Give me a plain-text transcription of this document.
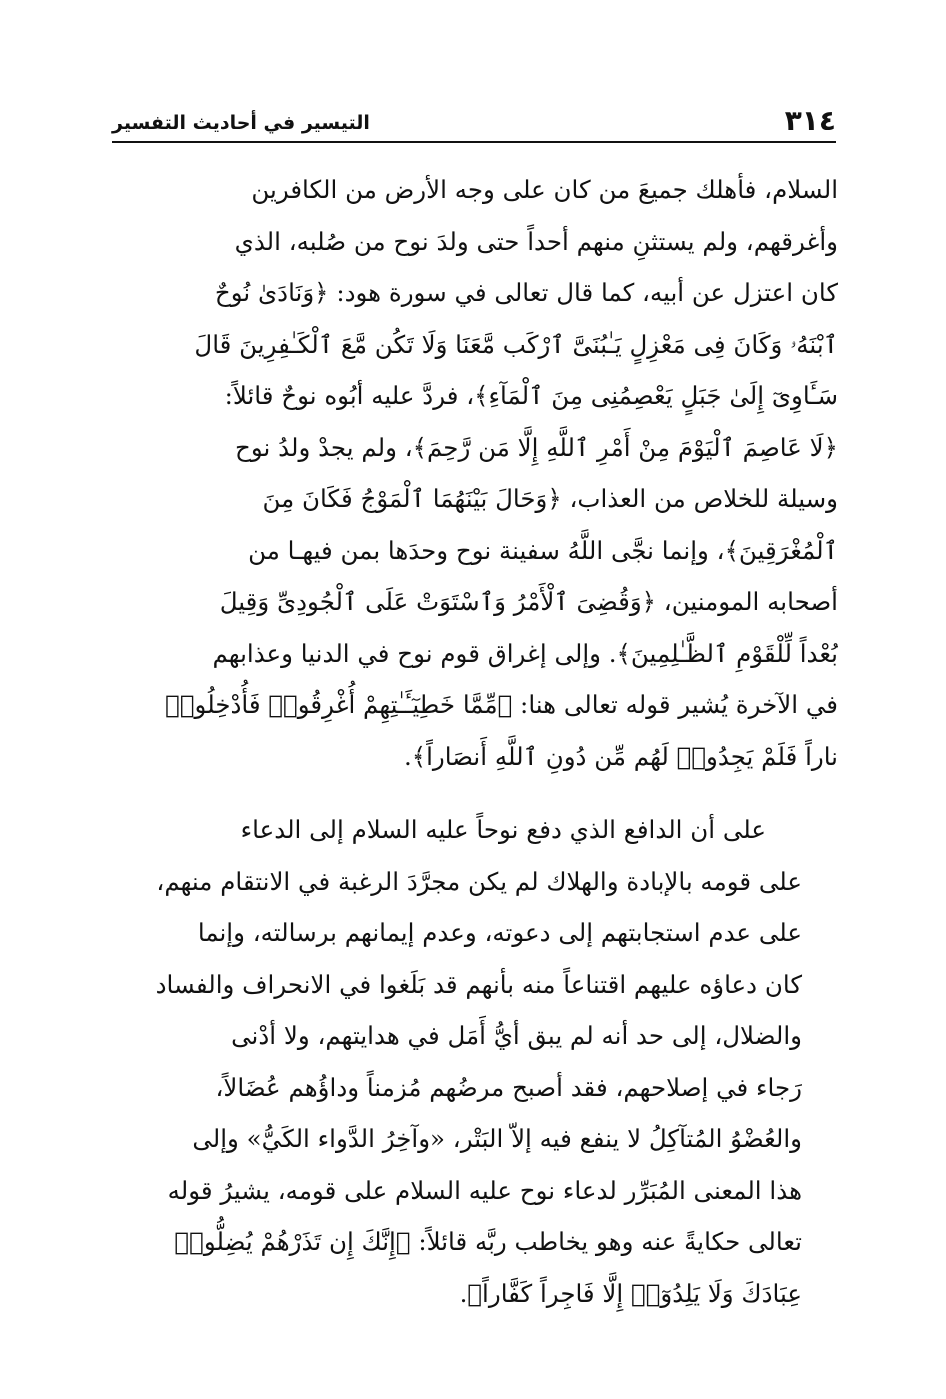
٣١٤
التيسير في أحاديث التفسير
السلام، فأهلك جميعَ من كان على وجه الأرض من الكافرين
وأغرقهم، ولم يستثنِ منهم أحداً حتى ولدَ نوح من صُلبه، الذي
كان اعتزل عن أبيه، كما قال تعالى في سورة هود: ﴿وَنَادَىٰ نُوحٌ
ٱبْنَهُۥ وَكَانَ فِى مَعْزِلٍ يَـٰبُنَىَّ ٱرْكَب مَّعَنَا وَلَا تَكُن مَّعَ ٱلْكَـٰفِرِينَ قَالَ
سَـَٔاوِىٓ إِلَىٰ جَبَلٍ يَعْصِمُنِى مِنَ ٱلْمَآءِ﴾، فردَّ عليه أبُوه نوحٌ قائلاً:
﴿لَا عَاصِمَ ٱلْيَوْمَ مِنْ أَمْرِ ٱللَّهِ إِلَّا مَن رَّحِمَ﴾، ولم يجدْ ولدُ نوح
وسيلة للخلاص من العذاب، ﴿وَحَالَ بَيْنَهُمَا ٱلْمَوْجُ فَكَانَ مِنَ
ٱلْمُغْرَقِينَ﴾، وإنما نجَّى اللَّهُ سفينة نوح وحدَها بمن فيهـا من
أصحابه المومنين، ﴿وَقُضِىَ ٱلْأَمْرُ وَٱسْتَوَتْ عَلَى ٱلْجُودِىِّ وَقِيلَ
بُعْداً لِّلْقَوْمِ ٱلظَّـٰلِمِينَ﴾. وإلى إغراق قوم نوح في الدنيا وعذابهم
في الآخرة يُشير قوله تعالى هنا: ﴿مِّمَّا خَطِيٓـَٔـٰتِهِمْ أُغْرِقُوا۟ فَأُدْخِلُوا۟
ناراً فَلَمْ يَجِدُوا۟ لَهُم مِّن دُونِ ٱللَّهِ أَنصَاراً﴾.
على أن الدافع الذي دفع نوحاً عليه السلام إلى الدعاء
على قومه بالإبادة والهلاك لم يكن مجرَّدَ الرغبة في الانتقام منهم،
على عدم استجابتهم إلى دعوته، وعدم إيمانهم برسالته، وإنما
كان دعاؤه عليهم اقتناعاً منه بأنهم قد بَلَغوا في الانحراف والفساد
والضلال، إلى حد أنه لم يبق أيُّ أَمَل في هدايتهم، ولا أدْنى
رَجاء في إصلاحهم، فقد أصبح مرضُهم مُزمناً وداؤُهم عُضَالاً،
والعُضْوُ المُتآكِلُ لا ينفع فيه إلاّ البَتْر، «وآخِرُ الدَّواء الكَيُّ» وإلى
هذا المعنى المُبَرِّر لدعاء نوح عليه السلام على قومه، يشيرُ قوله
تعالى حكايةً عنه وهو يخاطب ربَّه قائلاً: ﴿إِنَّكَ إِن تَذَرْهُمْ يُضِلُّوا۟
عِبَادَكَ وَلَا يَلِدُوٓا۟ إِلَّا فَاجِراً كَفَّاراً﴾.
